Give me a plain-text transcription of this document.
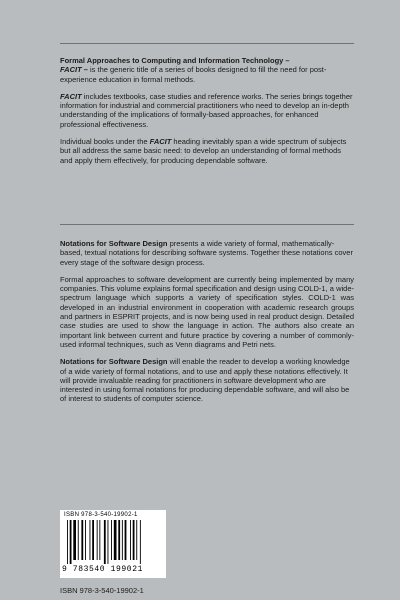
Formal Approaches to Computing and Information Technology –
FACIT – is the generic title of a series of books designed to fill the need for post-experience education in formal methods.

FACIT includes textbooks, case studies and reference works. The series brings together information for industrial and commercial practitioners who need to develop an in-depth understanding of the implications of formally-based approaches, for enhanced professional effectiveness.

Individual books under the FACIT heading inevitably span a wide spectrum of subjects but all address the same basic need: to develop an understanding of formal methods and apply them effectively, for producing dependable software.

Notations for Software Design presents a wide variety of formal, mathematically-based, textual notations for describing software systems. Together these notations cover every stage of the software design process.

Formal approaches to software development are currently being implemented by many companies. This volume explains formal specification and design using COLD-1, a wide-spectrum language which supports a variety of specification styles. COLD-1 was developed in an industrial environment in cooperation with academic research groups and partners in ESPRIT projects, and is now being used in real product design. Detailed case studies are used to show the language in action. The authors also create an important link between current and future practice by covering a number of commonly-used informal techniques, such as Venn diagrams and Petri nets.

Notations for Software Design will enable the reader to develop a working knowledge of a wide variety of formal notations, and to use and apply these notations effectively. It will provide invaluable reading for practitioners in software development who are interested in using formal notations for producing dependable software, and will also be of interest to students of computer science.

ISBN 978-3-540-19902-1
9 783540 199021
ISBN 978-3-540-19902-1
